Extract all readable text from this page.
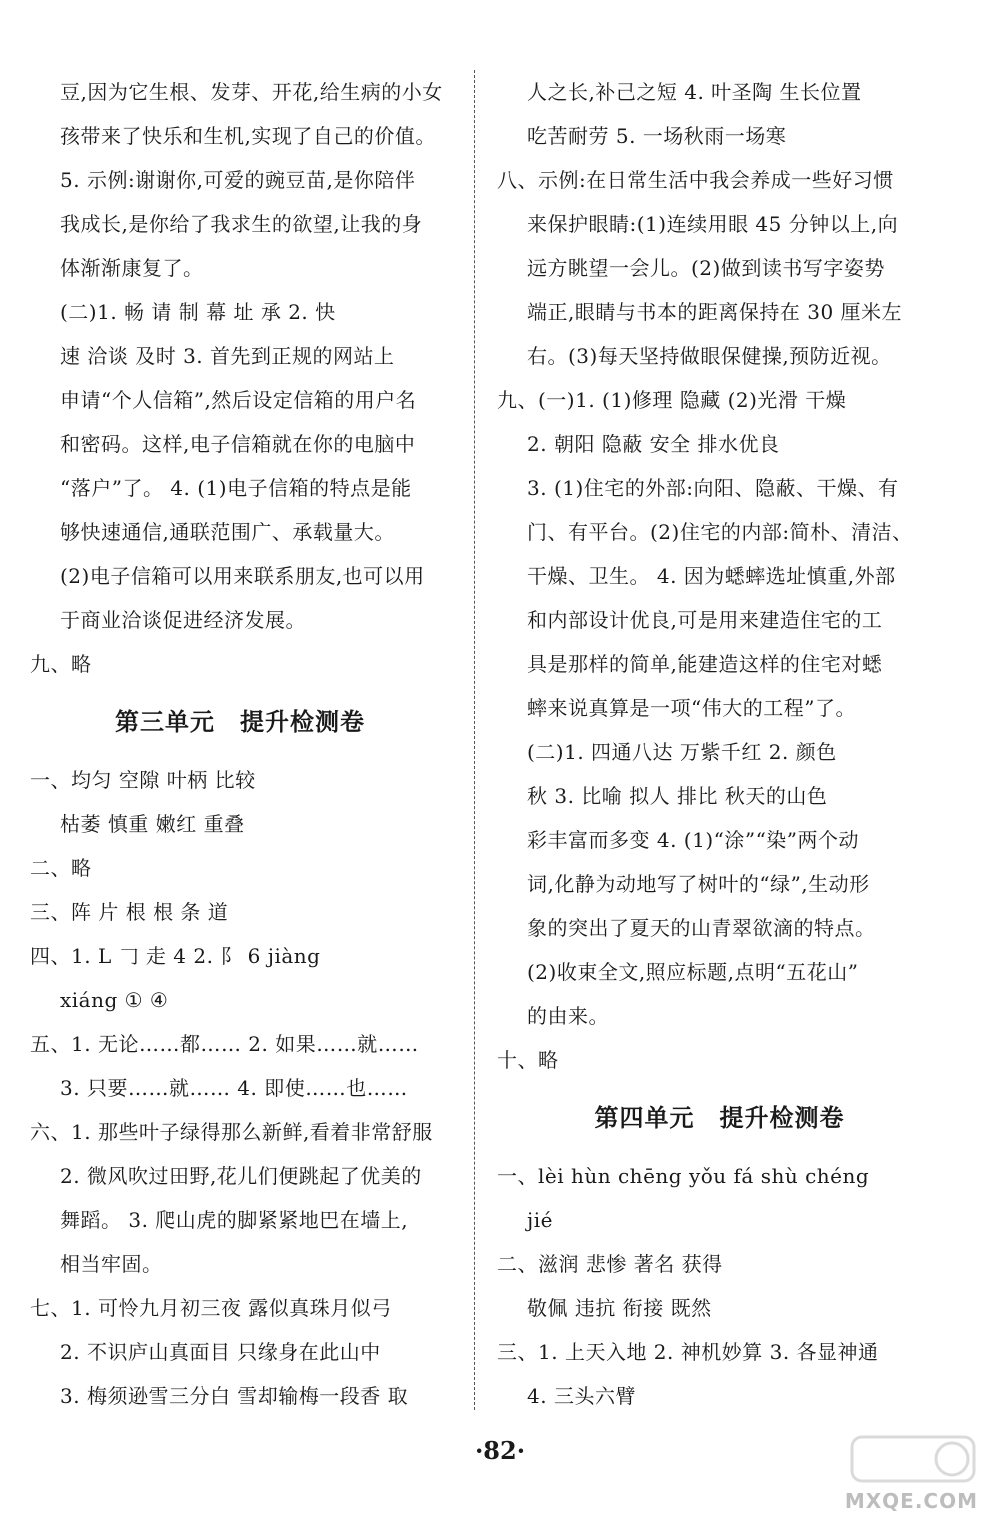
豆,因为它生根、发芽、开花,给生病的小女
孩带来了快乐和生机,实现了自己的价值。
5. 示例:谢谢你,可爱的豌豆苗,是你陪伴
我成长,是你给了我求生的欲望,让我的身
体渐渐康复了。
(二)1. 畅 请 制 幕 址 承 2. 快
速 洽谈 及时 3. 首先到正规的网站上
申请“个人信箱”,然后设定信箱的用户名
和密码。这样,电子信箱就在你的电脑中
“落户”了。 4. (1)电子信箱的特点是能
够快速通信,通联范围广、承载量大。
(2)电子信箱可以用来联系朋友,也可以用
于商业洽谈促进经济发展。
九、略
第三单元　提升检测卷
一、均匀 空隙 叶柄 比较
枯萎 慎重 嫩红 重叠
二、略
三、阵 片 根 根 条 道
四、1. L 𠃌 走 4 2. 阝 6 jiàng
xiáng ① ④
五、1. 无论……都…… 2. 如果……就……
3. 只要……就…… 4. 即使……也……
六、1. 那些叶子绿得那么新鲜,看着非常舒服
2. 微风吹过田野,花儿们便跳起了优美的
舞蹈。 3. 爬山虎的脚紧紧地巴在墙上,
相当牢固。
七、1. 可怜九月初三夜 露似真珠月似弓
2. 不识庐山真面目 只缘身在此山中
3. 梅须逊雪三分白 雪却输梅一段香 取
人之长,补己之短 4. 叶圣陶 生长位置
吃苦耐劳 5. 一场秋雨一场寒
八、示例:在日常生活中我会养成一些好习惯
来保护眼睛:(1)连续用眼 45 分钟以上,向
远方眺望一会儿。(2)做到读书写字姿势
端正,眼睛与书本的距离保持在 30 厘米左
右。(3)每天坚持做眼保健操,预防近视。
九、(一)1. (1)修理 隐藏 (2)光滑 干燥
2. 朝阳 隐蔽 安全 排水优良
3. (1)住宅的外部:向阳、隐蔽、干燥、有
门、有平台。(2)住宅的内部:简朴、清洁、
干燥、卫生。 4. 因为蟋蟀选址慎重,外部
和内部设计优良,可是用来建造住宅的工
具是那样的简单,能建造这样的住宅对蟋
蟀来说真算是一项“伟大的工程”了。
(二)1. 四通八达 万紫千红 2. 颜色
秋 3. 比喻 拟人 排比 秋天的山色
彩丰富而多变 4. (1)“涂”“染”两个动
词,化静为动地写了树叶的“绿”,生动形
象的突出了夏天的山青翠欲滴的特点。
(2)收束全文,照应标题,点明“五花山”
的由来。
十、略
第四单元　提升检测卷
一、lèi hùn chēng yǒu fá shù chéng
jié
二、滋润 悲惨 著名 获得
敬佩 违抗 衔接 既然
三、1. 上天入地 2. 神机妙算 3. 各显神通
4. 三头六臂
·82·
MXQE.COM
